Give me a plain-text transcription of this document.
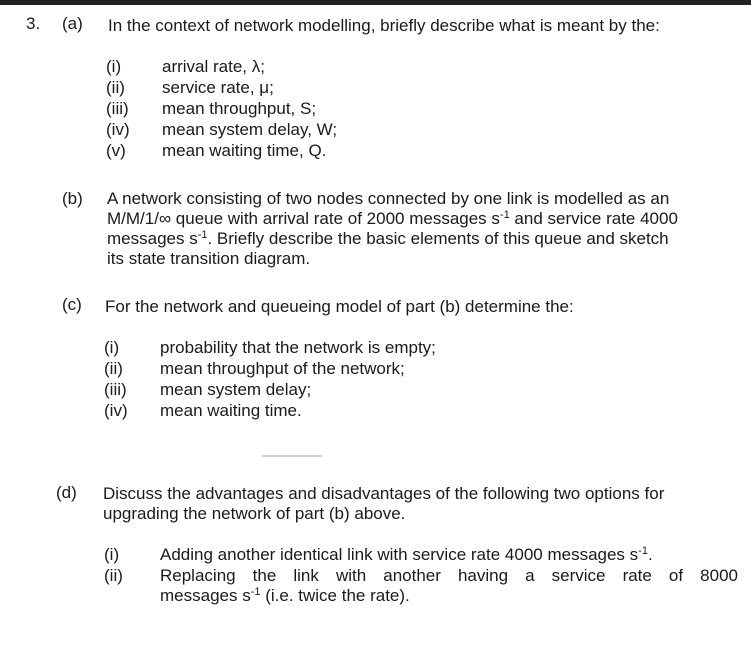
3. (a) In the context of network modelling, briefly describe what is meant by the:
(i) arrival rate, λ;
(ii) service rate, μ;
(iii) mean throughput, S;
(iv) mean system delay, W;
(v) mean waiting time, Q.
(b) A network consisting of two nodes connected by one link is modelled as an
M/M/1/∞ queue with arrival rate of 2000 messages $s^{-1}$ and service rate 4000
messages $s^{-1}$. Briefly describe the basic elements of this queue and sketch
its state transition diagram.
(c) For the network and queueing model of part (b) determine the:
(i) probability that the network is empty;
(ii) mean throughput of the network;
(iii) mean system delay;
(iv) mean waiting time.
(d) Discuss the advantages and disadvantages of the following two options for
upgrading the network of part (b) above.
(i) Adding another identical link with service rate 4000 messages $s^{-1}$.
(ii) Replacing the link with another having a service rate of 8000
messages $s^{-1}$ (i.e. twice the rate).
